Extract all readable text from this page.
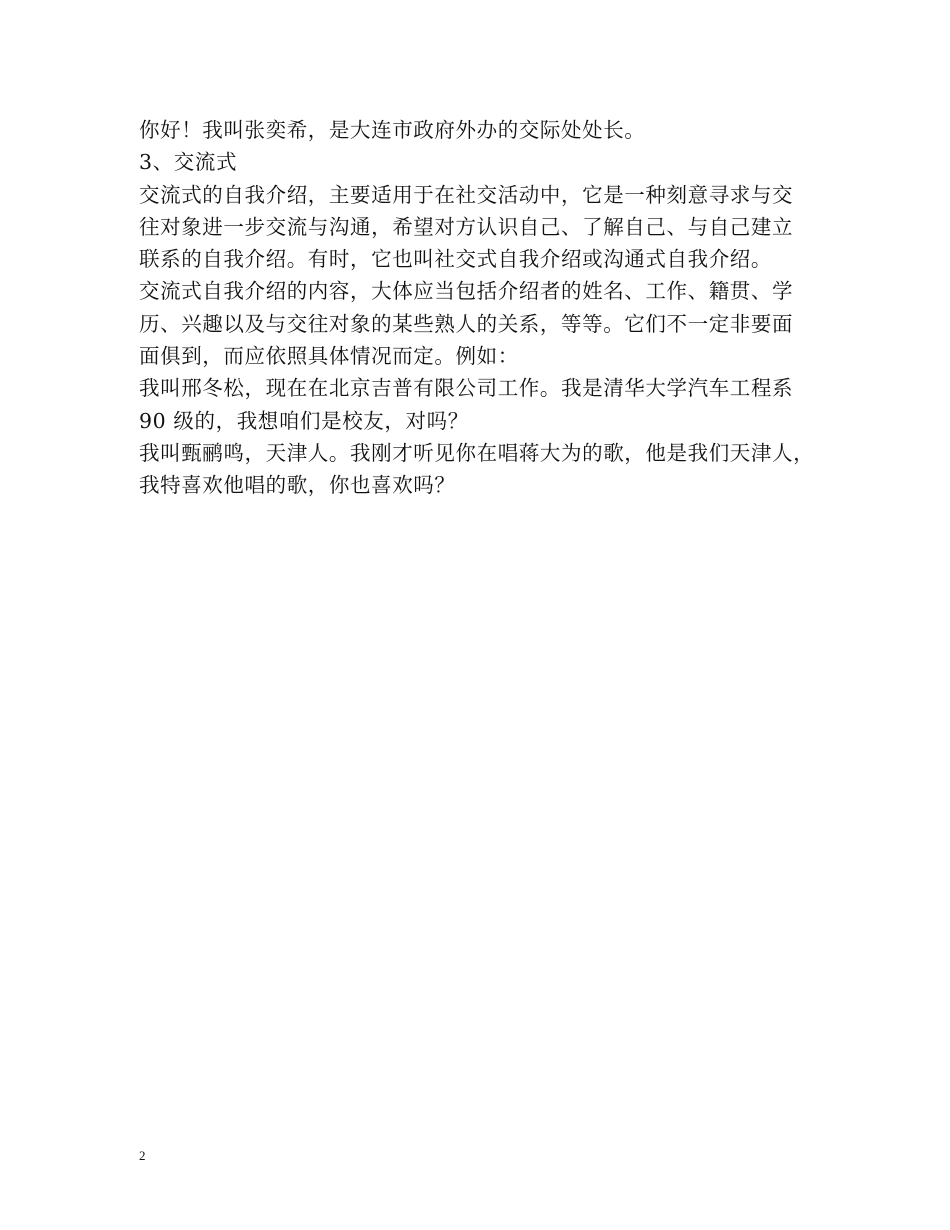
你好！我叫张奕希，是大连市政府外办的交际处处长。
3、交流式
交流式的自我介绍，主要适用于在社交活动中，它是一种刻意寻求与交
往对象进一步交流与沟通，希望对方认识自己、了解自己、与自己建立
联系的自我介绍。有时，它也叫社交式自我介绍或沟通式自我介绍。
交流式自我介绍的内容，大体应当包括介绍者的姓名、工作、籍贯、学
历、兴趣以及与交往对象的某些熟人的关系，等等。它们不一定非要面
面俱到，而应依照具体情况而定。例如：
我叫邢冬松，现在在北京吉普有限公司工作。我是清华大学汽车工程系
90 级的，我想咱们是校友，对吗？
我叫甄鹂鸣，天津人。我刚才听见你在唱蒋大为的歌，他是我们天津人，
我特喜欢他唱的歌，你也喜欢吗？
2
